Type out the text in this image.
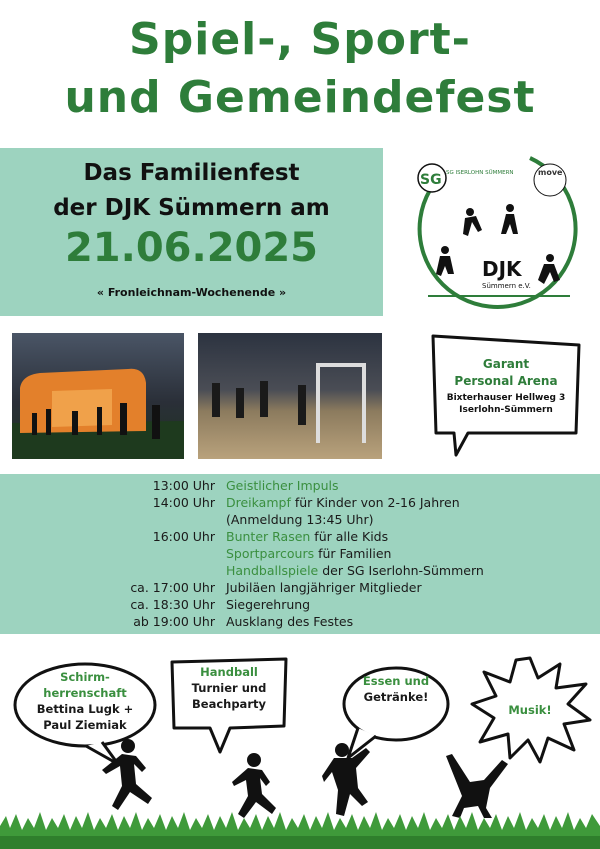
Spiel-, Sport-
und Gemeindefest
Das Familienfest
der DJK Sümmern am
21.06.2025
« Fronleichnam-Wochenende »
SG SG ISERLOHN SÜMMERN	move
DJK
Sümmern e.V.
Garant
Personal Arena
Bixterhauser Hellweg 3
Iserlohn-Sümmern
13:00 Uhr Geistlicher Impuls
14:00 Uhr Dreikampf für Kinder von 2-16 Jahren
(Anmeldung 13:45 Uhr)
16:00 Uhr Bunter Rasen für alle Kids
Sportparcours für Familien
Handballspiele der SG Iserlohn-Sümmern
ca. 17:00 Uhr Jubiläen langjähriger Mitglieder
ca. 18:30 Uhr Siegerehrung
ab 19:00 Uhr Ausklang des Festes
Schirm-
herrenschaft
Bettina Lugk +
Paul Ziemiak
Handball
Turnier und
Beachparty
Essen und
Getränke!
Musik!
